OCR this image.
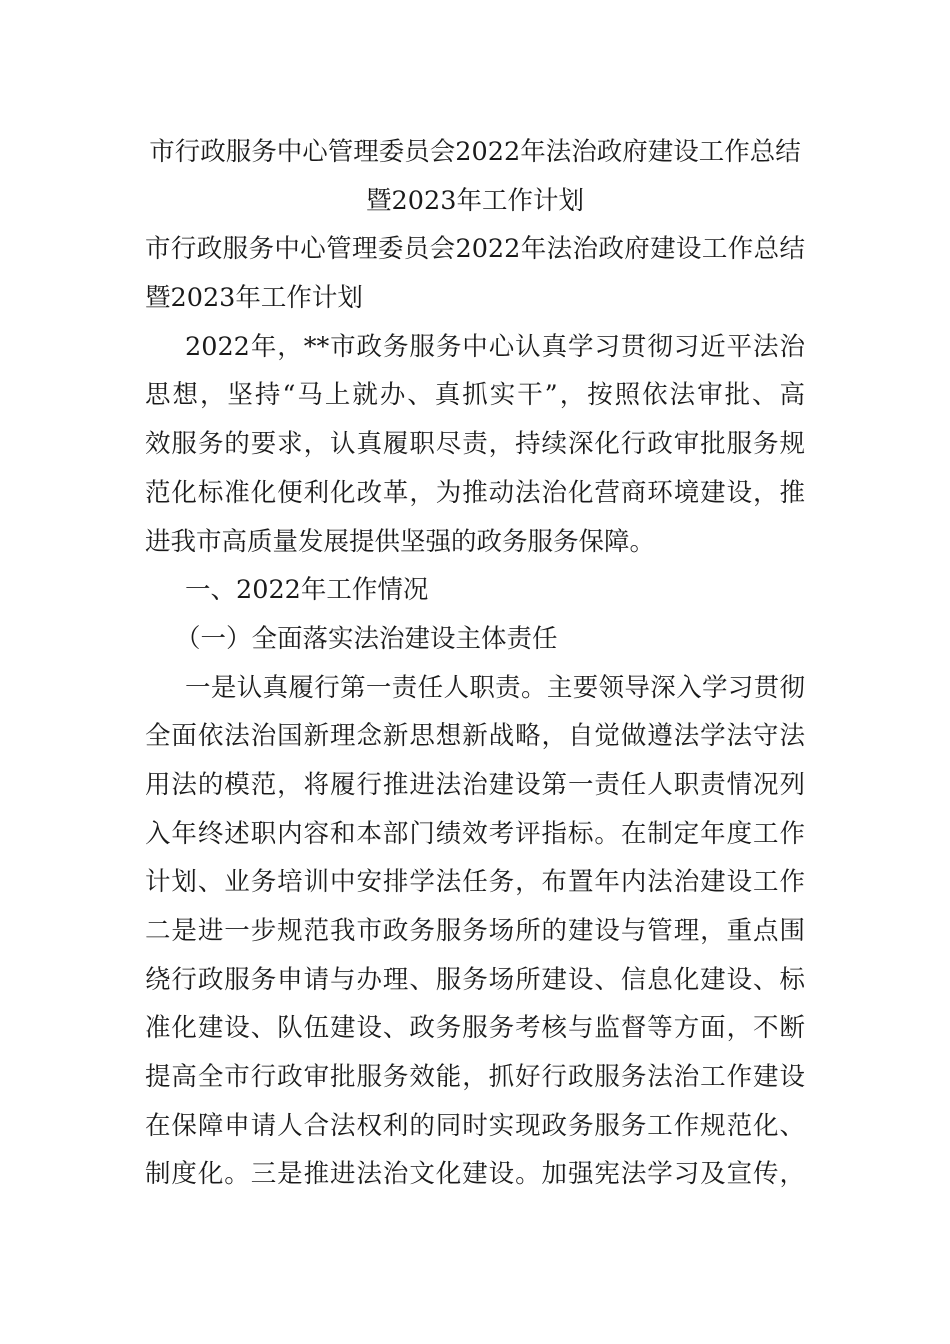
市行政服务中心管理委员会2022年法治政府建设工作总结
暨2023年工作计划
市行政服务中心管理委员会2022年法治政府建设工作总结
暨2023年工作计划
2022年，**市政务服务中心认真学习贯彻习近平法治
思想，坚持“马上就办、真抓实干”，按照依法审批、高
效服务的要求，认真履职尽责，持续深化行政审批服务规
范化标准化便利化改革，为推动法治化营商环境建设，推
进我市高质量发展提供坚强的政务服务保障。
一、2022年工作情况
（一）全面落实法治建设主体责任
一是认真履行第一责任人职责。主要领导深入学习贯彻
全面依法治国新理念新思想新战略，自觉做遵法学法守法
用法的模范，将履行推进法治建设第一责任人职责情况列
入年终述职内容和本部门绩效考评指标。在制定年度工作
计划、业务培训中安排学法任务，布置年内法治建设工作
二是进一步规范我市政务服务场所的建设与管理，重点围
绕行政服务申请与办理、服务场所建设、信息化建设、标
准化建设、队伍建设、政务服务考核与监督等方面，不断
提高全市行政审批服务效能，抓好行政服务法治工作建设
在保障申请人合法权利的同时实现政务服务工作规范化、
制度化。三是推进法治文化建设。加强宪法学习及宣传，
